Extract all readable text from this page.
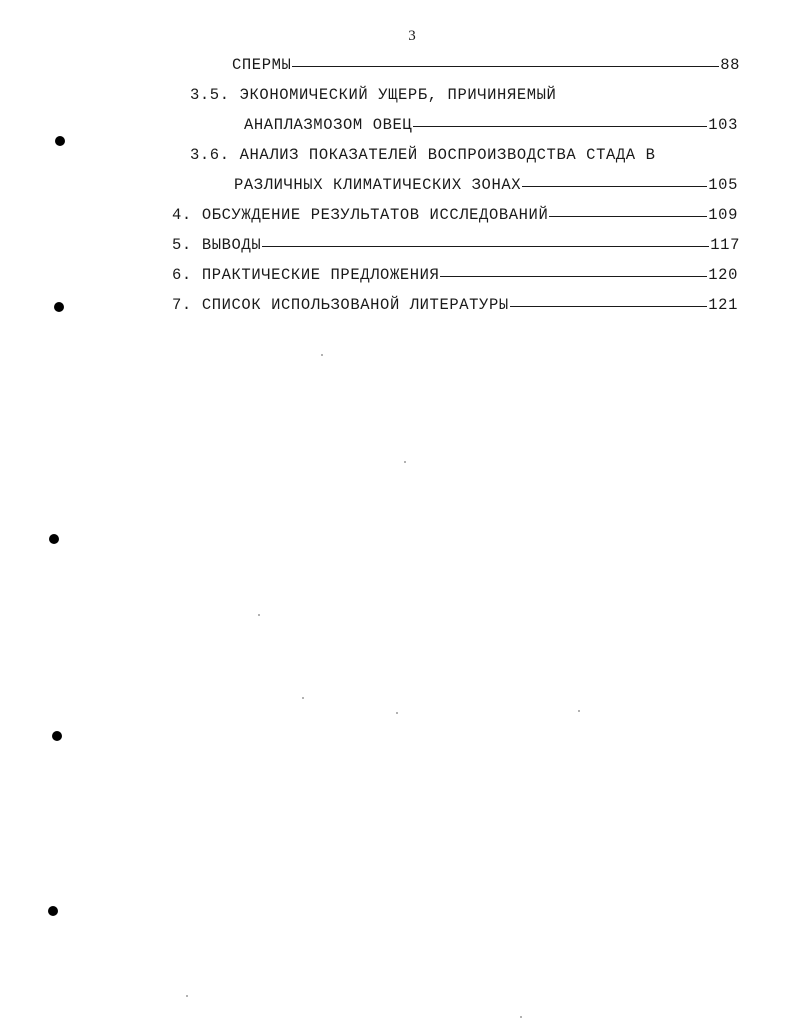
3
СПЕРМЫ	88
3.5. ЭКОНОМИЧЕСКИЙ УЩЕРБ, ПРИЧИНЯЕМЫЙ
АНАПЛАЗМОЗОМ ОВЕЦ	103
3.6. АНАЛИЗ ПОКАЗАТЕЛЕЙ ВОСПРОИЗВОДСТВА СТАДА В
РАЗЛИЧНЫХ КЛИМАТИЧЕСКИХ ЗОНАХ	105
4. ОБСУЖДЕНИЕ РЕЗУЛЬТАТОВ ИССЛЕДОВАНИЙ	109
5. ВЫВОДЫ	117
6. ПРАКТИЧЕСКИЕ ПРЕДЛОЖЕНИЯ	120
7. СПИСОК ИСПОЛЬЗОВАНОЙ ЛИТЕРАТУРЫ	121
